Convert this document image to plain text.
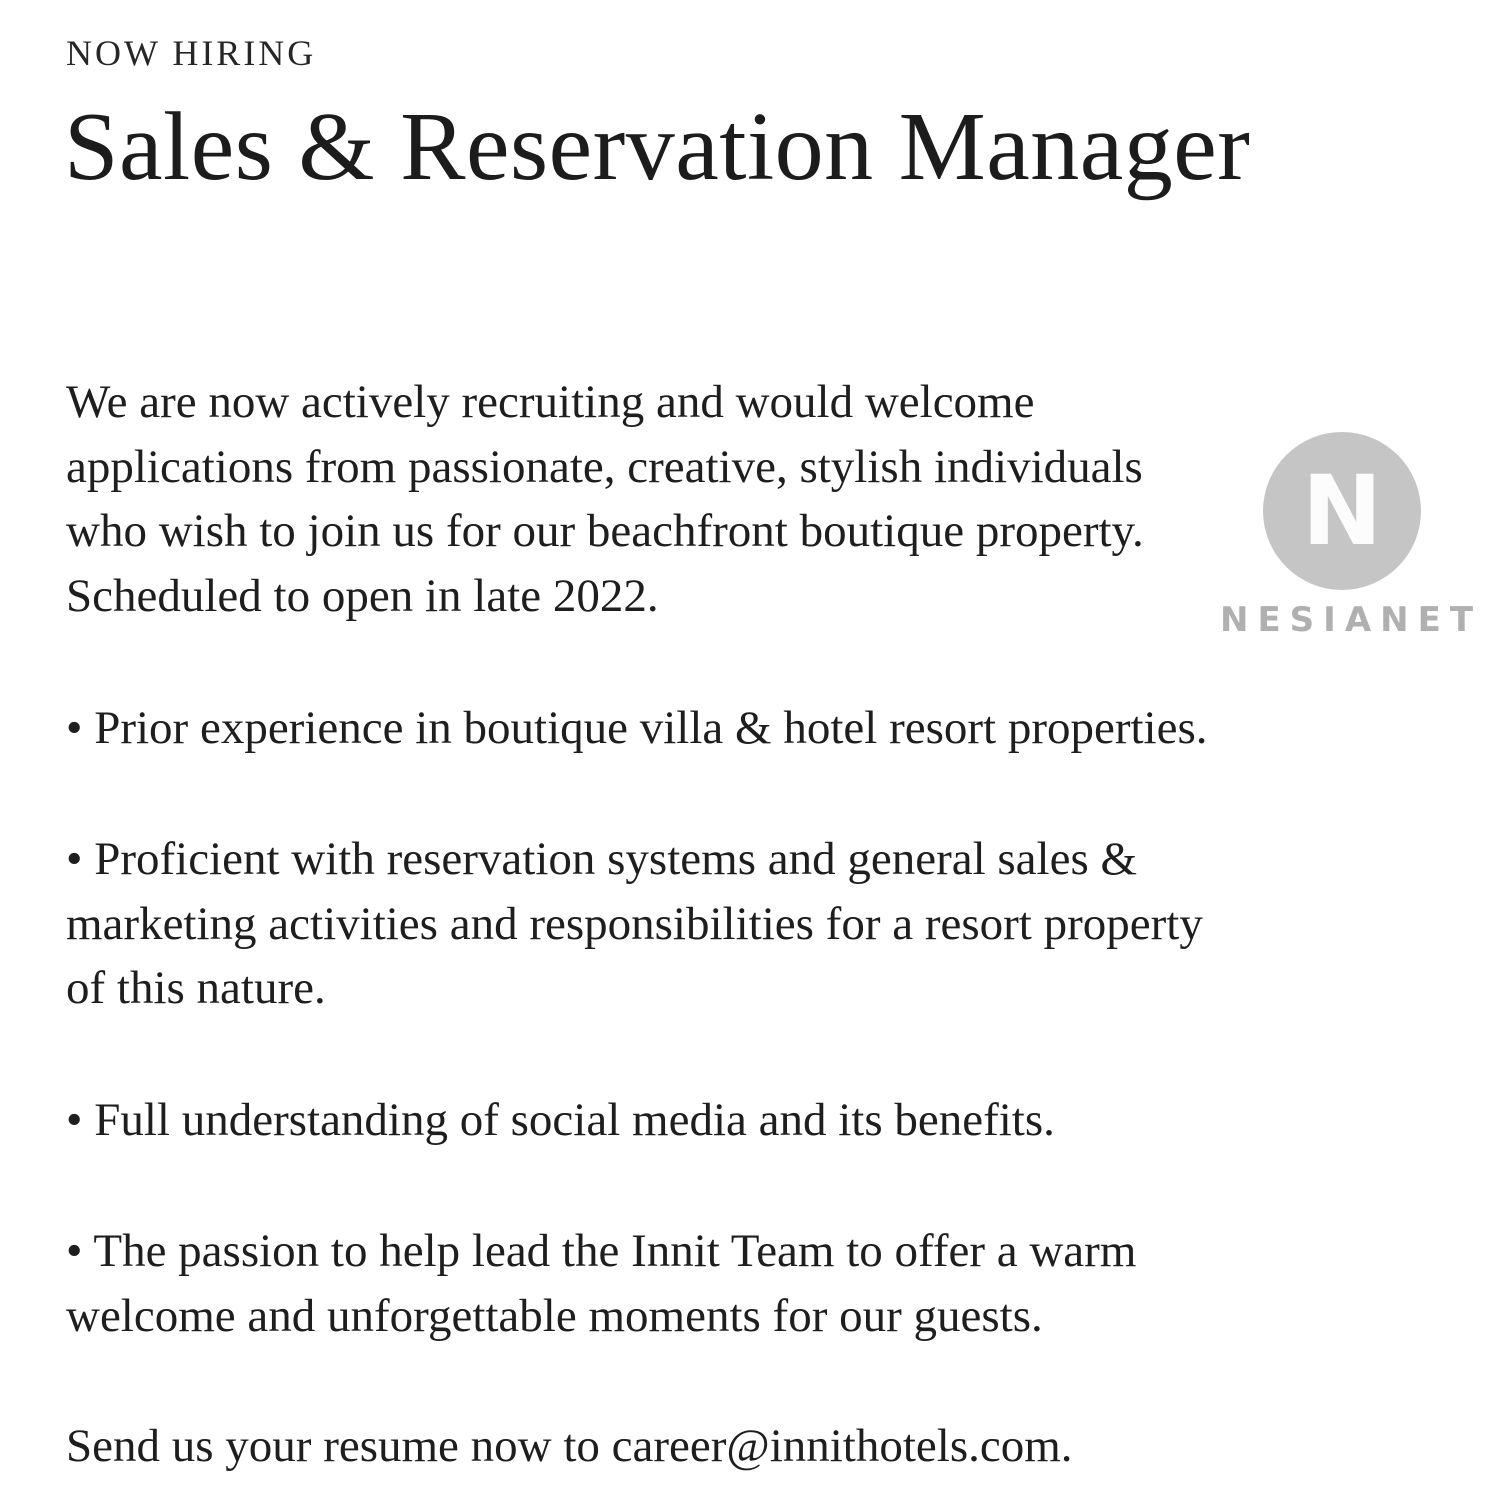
NOW HIRING
Sales & Reservation Manager

We are now actively recruiting and would welcome
applications from passionate, creative, stylish individuals
who wish to join us for our beachfront boutique property.
Scheduled to open in late 2022.

• Prior experience in boutique villa & hotel resort properties.

• Proficient with reservation systems and general sales &
marketing activities and responsibilities for a resort property
of this nature.

• Full understanding of social media and its benefits.

• The passion to help lead the Innit Team to offer a warm
welcome and unforgettable moments for our guests.

Send us your resume now to career@innithotels.com.

N
NESIANET
